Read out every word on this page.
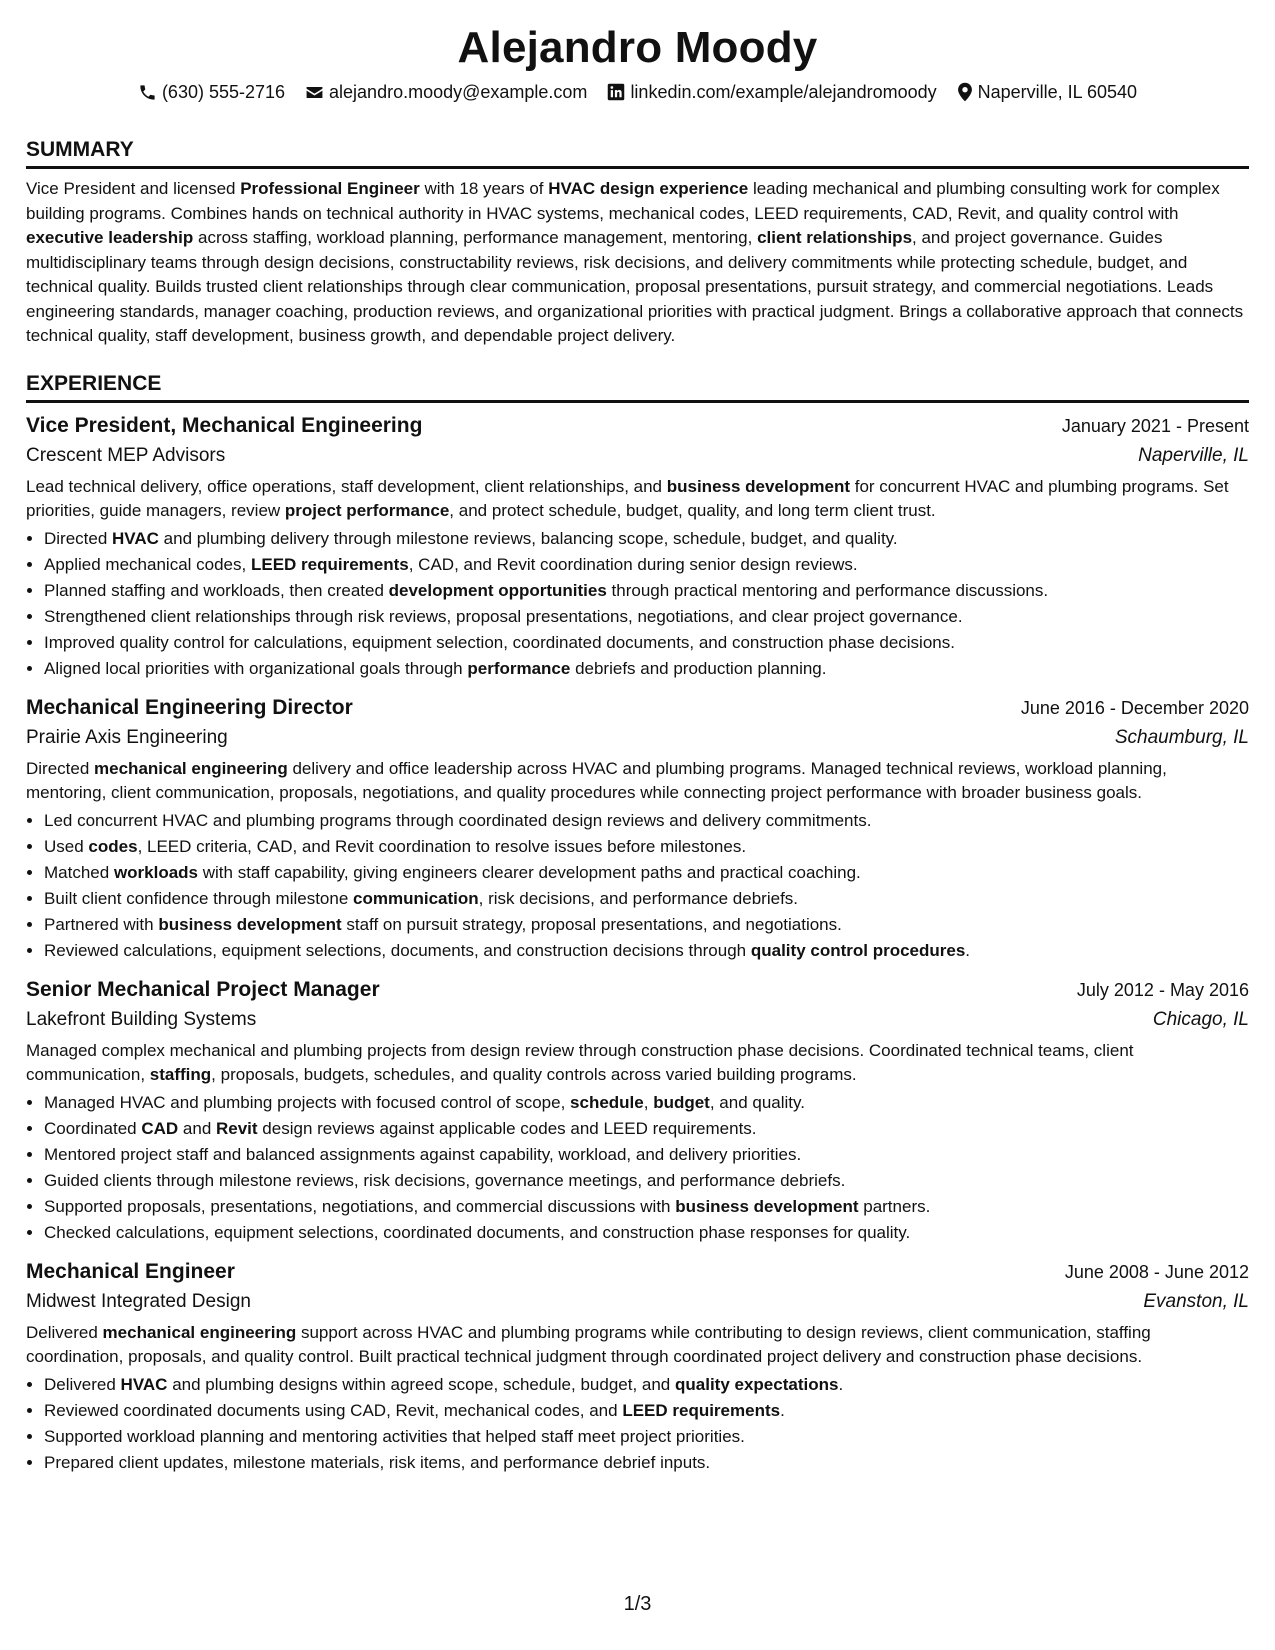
Alejandro Moody
(630) 555-2716 alejandro.moody@example.com linkedin.com/example/alejandromoody Naperville, IL 60540
SUMMARY

Vice President and licensed Professional Engineer with 18 years of HVAC design experience leading mechanical and plumbing consulting work for complex building programs. Combines hands on technical authority in HVAC systems, mechanical codes, LEED requirements, CAD, Revit, and quality control with executive leadership across staffing, workload planning, performance management, mentoring, client relationships, and project governance. Guides multidisciplinary teams through design decisions, constructability reviews, risk decisions, and delivery commitments while protecting schedule, budget, and technical quality. Builds trusted client relationships through clear communication, proposal presentations, pursuit strategy, and commercial negotiations. Leads engineering standards, manager coaching, production reviews, and organizational priorities with practical judgment. Brings a collaborative approach that connects technical quality, staff development, business growth, and dependable project delivery.

EXPERIENCE
Vice President, Mechanical Engineering	January 2021 - Present
Crescent MEP Advisors	Naperville, IL

Lead technical delivery, office operations, staff development, client relationships, and business development for concurrent HVAC and plumbing programs. Set priorities, guide managers, review project performance, and protect schedule, budget, quality, and long term client trust.

• Directed HVAC and plumbing delivery through milestone reviews, balancing scope, schedule, budget, and quality.
• Applied mechanical codes, LEED requirements, CAD, and Revit coordination during senior design reviews.
• Planned staffing and workloads, then created development opportunities through practical mentoring and performance discussions.
• Strengthened client relationships through risk reviews, proposal presentations, negotiations, and clear project governance.
• Improved quality control for calculations, equipment selection, coordinated documents, and construction phase decisions.
• Aligned local priorities with organizational goals through performance debriefs and production planning.
Mechanical Engineering Director	June 2016 - December 2020
Prairie Axis Engineering	Schaumburg, IL

Directed mechanical engineering delivery and office leadership across HVAC and plumbing programs. Managed technical reviews, workload planning, mentoring, client communication, proposals, negotiations, and quality procedures while connecting project performance with broader business goals.

• Led concurrent HVAC and plumbing programs through coordinated design reviews and delivery commitments.
• Used codes, LEED criteria, CAD, and Revit coordination to resolve issues before milestones.
• Matched workloads with staff capability, giving engineers clearer development paths and practical coaching.
• Built client confidence through milestone communication, risk decisions, and performance debriefs.
• Partnered with business development staff on pursuit strategy, proposal presentations, and negotiations.
• Reviewed calculations, equipment selections, documents, and construction decisions through quality control procedures.
Senior Mechanical Project Manager	July 2012 - May 2016
Lakefront Building Systems	Chicago, IL

Managed complex mechanical and plumbing projects from design review through construction phase decisions. Coordinated technical teams, client communication, staffing, proposals, budgets, schedules, and quality controls across varied building programs.

• Managed HVAC and plumbing projects with focused control of scope, schedule, budget, and quality.
• Coordinated CAD and Revit design reviews against applicable codes and LEED requirements.
• Mentored project staff and balanced assignments against capability, workload, and delivery priorities.
• Guided clients through milestone reviews, risk decisions, governance meetings, and performance debriefs.
• Supported proposals, presentations, negotiations, and commercial discussions with business development partners.
• Checked calculations, equipment selections, coordinated documents, and construction phase responses for quality.
Mechanical Engineer	June 2008 - June 2012
Midwest Integrated Design	Evanston, IL

Delivered mechanical engineering support across HVAC and plumbing programs while contributing to design reviews, client communication, staffing coordination, proposals, and quality control. Built practical technical judgment through coordinated project delivery and construction phase decisions.

• Delivered HVAC and plumbing designs within agreed scope, schedule, budget, and quality expectations.
• Reviewed coordinated documents using CAD, Revit, mechanical codes, and LEED requirements.
• Supported workload planning and mentoring activities that helped staff meet project priorities.
• Prepared client updates, milestone materials, risk items, and performance debrief inputs.
1/3
